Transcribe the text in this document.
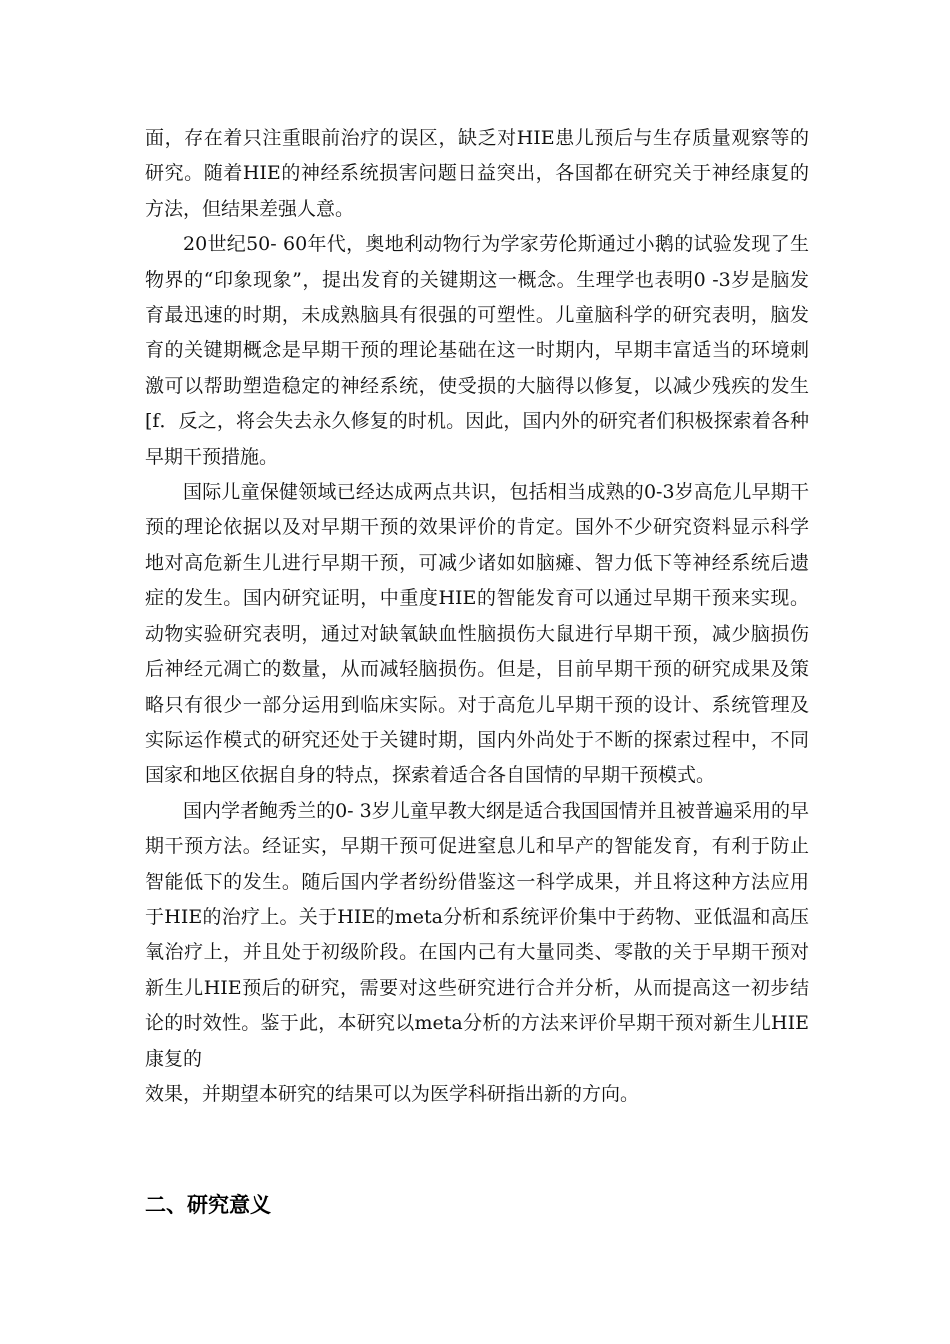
面，存在着只注重眼前治疗的误区，缺乏对HIE患儿预后与生存质量观察等的研究。随着HIE的神经系统损害问题日益突出，各国都在研究关于神经康复的方法，但结果差强人意。

20世纪50- 60年代，奥地利动物行为学家劳伦斯通过小鹅的试验发现了生物界的“印象现象”，提出发育的关键期这一概念。生理学也表明0 -3岁是脑发育最迅速的时期，未成熟脑具有很强的可塑性。儿童脑科学的研究表明，脑发育的关键期概念是早期干预的理论基础在这一时期内，早期丰富适当的环境刺激可以帮助塑造稳定的神经系统，使受损的大脑得以修复，以减少残疾的发生[f．反之，将会失去永久修复的时机。因此，国内外的研究者们积极探索着各种早期干预措施。

国际儿童保健领域已经达成两点共识，包括相当成熟的0-3岁高危儿早期干预的理论依据以及对早期干预的效果评价的肯定。国外不少研究资料显示科学地对高危新生儿进行早期干预，可减少诸如如脑瘫、智力低下等神经系统后遗症的发生。国内研究证明，中重度HIE的智能发育可以通过早期干预来实现。动物实验研究表明，通过对缺氧缺血性脑损伤大鼠进行早期干预，减少脑损伤后神经元凋亡的数量，从而减轻脑损伤。但是，目前早期干预的研究成果及策略只有很少一部分运用到临床实际。对于高危儿早期干预的设计、系统管理及实际运作模式的研究还处于关键时期，国内外尚处于不断的探索过程中，不同国家和地区依据自身的特点，探索着适合各自国情的早期干预模式。

国内学者鲍秀兰的0- 3岁儿童早教大纲是适合我国国情并且被普遍采用的早期干预方法。经证实，早期干预可促进窒息儿和早产的智能发育，有利于防止智能低下的发生。随后国内学者纷纷借鉴这一科学成果，并且将这种方法应用于HIE的治疗上。关于HIE的meta分析和系统评价集中于药物、亚低温和高压氧治疗上，并且处于初级阶段。在国内己有大量同类、零散的关于早期干预对新生儿HIE预后的研究，需要对这些研究进行合并分析，从而提高这一初步结论的时效性。鉴于此，本研究以meta分析的方法来评价早期干预对新生儿HIE康复的

效果，并期望本研究的结果可以为医学科研指出新的方向。

二、研究意义
